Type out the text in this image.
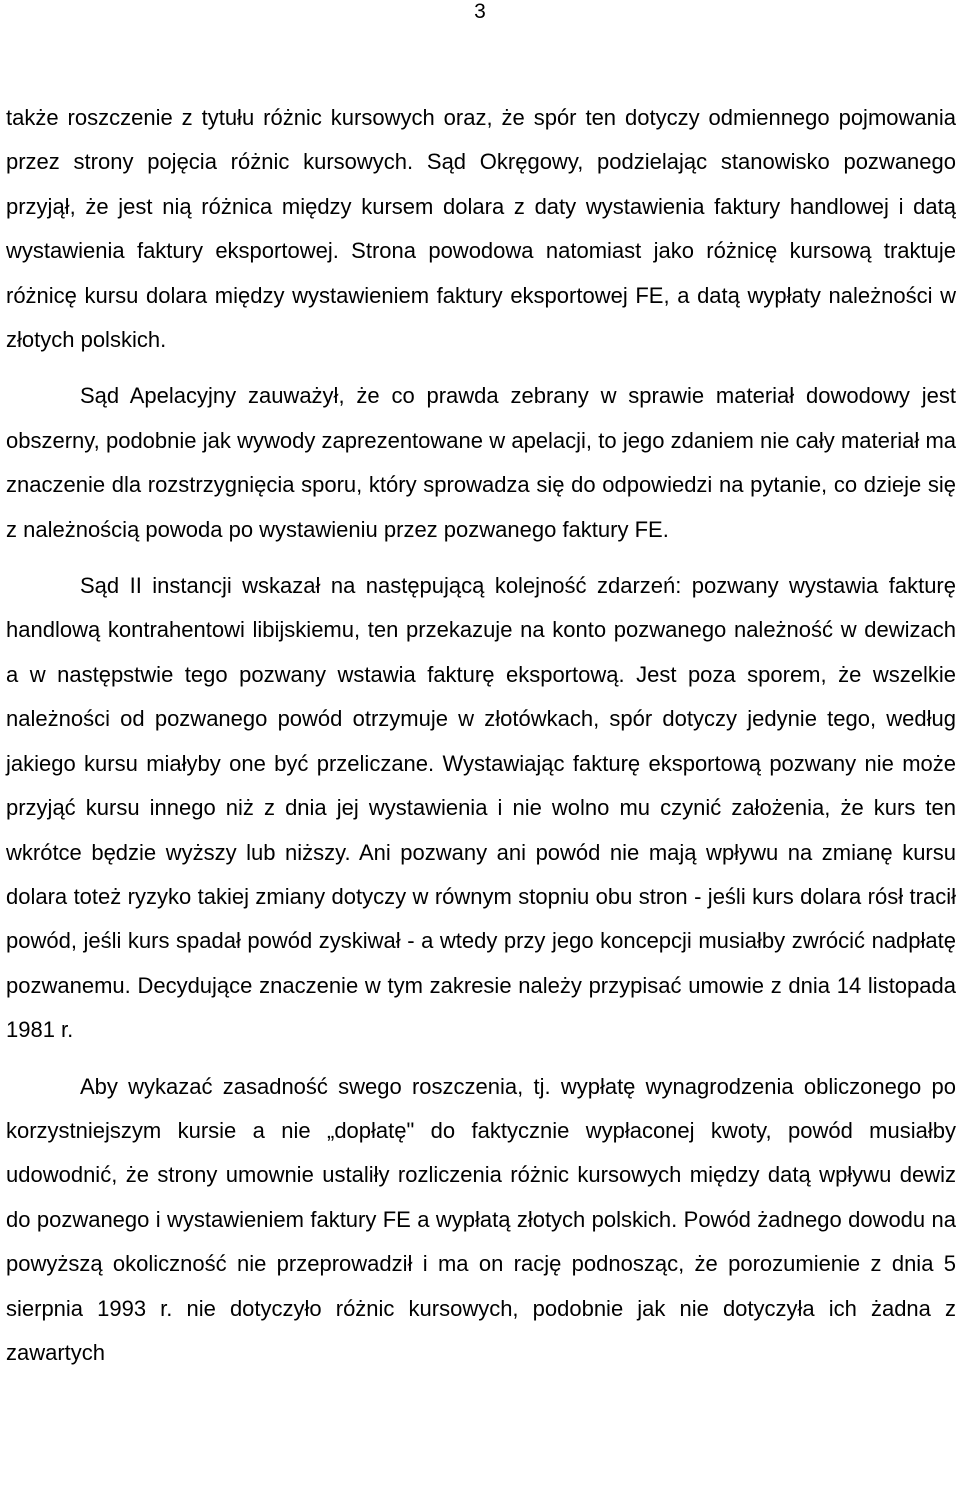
3

także roszczenie z tytułu różnic kursowych oraz, że spór ten dotyczy odmiennego pojmowania przez strony pojęcia różnic kursowych. Sąd Okręgowy, podzielając stanowisko pozwanego przyjął, że jest nią różnica między kursem dolara z daty wystawienia faktury handlowej i datą wystawienia faktury eksportowej. Strona powodowa natomiast jako różnicę kursową traktuje różnicę kursu dolara między wystawieniem faktury eksportowej FE, a datą wypłaty należności w złotych polskich.

Sąd Apelacyjny zauważył, że co prawda zebrany w sprawie materiał dowodowy jest obszerny, podobnie jak wywody zaprezentowane w apelacji, to jego zdaniem nie cały materiał ma znaczenie dla rozstrzygnięcia sporu, który sprowadza się do odpowiedzi na pytanie, co dzieje się z należnością powoda po wystawieniu przez pozwanego faktury FE.

Sąd II instancji wskazał na następującą kolejność zdarzeń: pozwany wystawia fakturę handlową kontrahentowi libijskiemu, ten przekazuje na konto pozwanego należność w dewizach a w następstwie tego pozwany wstawia fakturę eksportową. Jest poza sporem, że wszelkie należności od pozwanego powód otrzymuje w złotówkach, spór dotyczy jedynie tego, według jakiego kursu miałyby one być przeliczane. Wystawiając fakturę eksportową pozwany nie może przyjąć kursu innego niż z dnia jej wystawienia i nie wolno mu czynić założenia, że kurs ten wkrótce będzie wyższy lub niższy. Ani pozwany ani powód nie mają wpływu na zmianę kursu dolara toteż ryzyko takiej zmiany dotyczy w równym stopniu obu stron - jeśli kurs dolara rósł tracił powód, jeśli kurs spadał powód zyskiwał - a wtedy przy jego koncepcji musiałby zwrócić nadpłatę pozwanemu. Decydujące znaczenie w tym zakresie należy przypisać umowie z dnia 14 listopada 1981 r.

Aby wykazać zasadność swego roszczenia, tj. wypłatę wynagrodzenia obliczonego po korzystniejszym kursie a nie „dopłatę" do faktycznie wypłaconej kwoty, powód musiałby udowodnić, że strony umownie ustaliły rozliczenia różnic kursowych między datą wpływu dewiz do pozwanego i wystawieniem faktury FE a wypłatą złotych polskich. Powód żadnego dowodu na powyższą okoliczność nie przeprowadził i ma on rację podnosząc, że porozumienie z dnia 5 sierpnia 1993 r. nie dotyczyło różnic kursowych, podobnie jak nie dotyczyła ich żadna z zawartych
